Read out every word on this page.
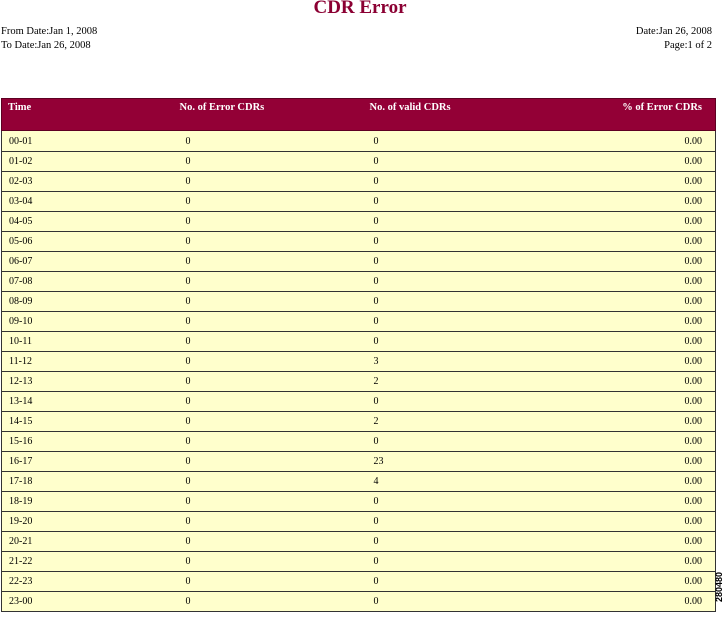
CDR Error
From Date:Jan 1, 2008
To Date:Jan 26, 2008
Date:Jan 26, 2008
Page:1 of 2
Time	No. of Error CDRs	No. of valid CDRs	% of Error CDRs
00-01	0	0	0.00
01-02	0	0	0.00
02-03	0	0	0.00
03-04	0	0	0.00
04-05	0	0	0.00
05-06	0	0	0.00
06-07	0	0	0.00
07-08	0	0	0.00
08-09	0	0	0.00
09-10	0	0	0.00
10-11	0	0	0.00
11-12	0	3	0.00
12-13	0	2	0.00
13-14	0	0	0.00
14-15	0	2	0.00
15-16	0	0	0.00
16-17	0	23	0.00
17-18	0	4	0.00
18-19	0	0	0.00
19-20	0	0	0.00
20-21	0	0	0.00
21-22	0	0	0.00
22-23	0	0	0.00
23-00	0	0	0.00 280480
